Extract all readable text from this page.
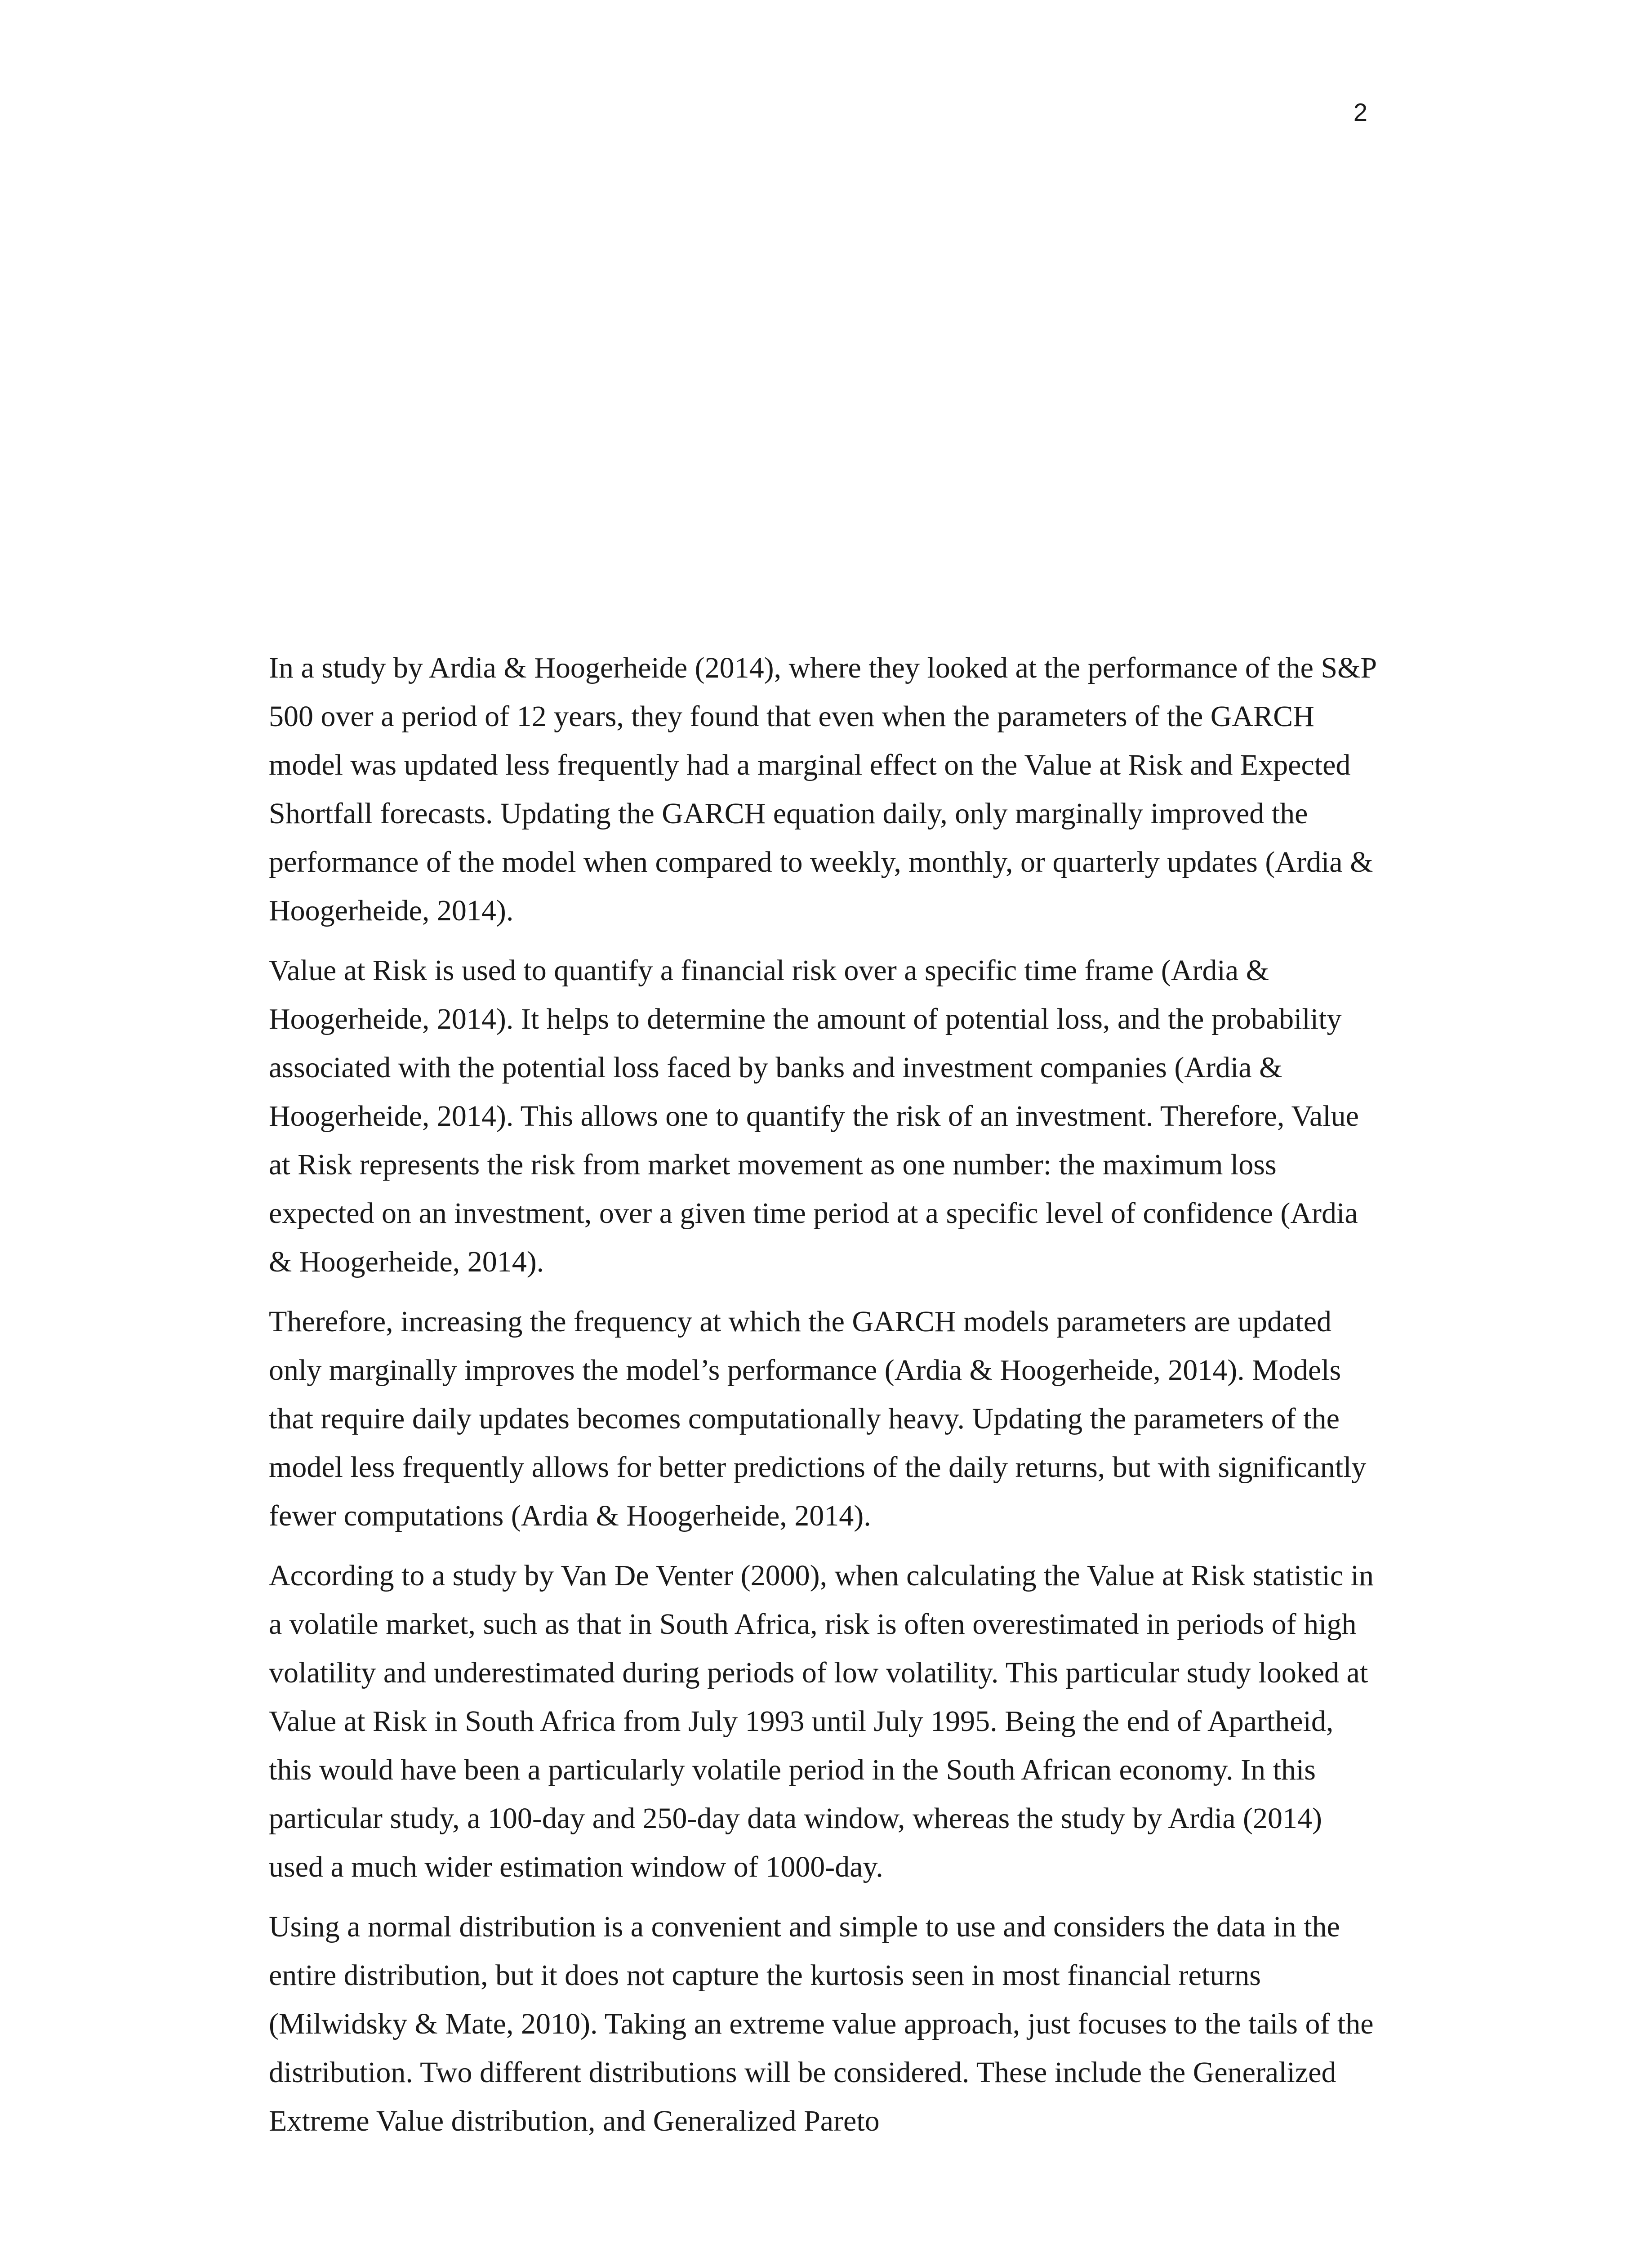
2

In a study by Ardia & Hoogerheide (2014), where they looked at the performance of the S&P 500 over a period of 12 years, they found that even when the parameters of the GARCH model was updated less frequently had a marginal effect on the Value at Risk and Expected Shortfall forecasts. Updating the GARCH equation daily, only marginally improved the performance of the model when compared to weekly, monthly, or quarterly updates (Ardia & Hoogerheide, 2014).

Value at Risk is used to quantify a financial risk over a specific time frame (Ardia & Hoogerheide, 2014). It helps to determine the amount of potential loss, and the probability associated with the potential loss faced by banks and investment companies (Ardia & Hoogerheide, 2014). This allows one to quantify the risk of an investment. Therefore, Value at Risk represents the risk from market movement as one number: the maximum loss expected on an investment, over a given time period at a specific level of confidence (Ardia & Hoogerheide, 2014).

Therefore, increasing the frequency at which the GARCH models parameters are updated only marginally improves the model’s performance (Ardia & Hoogerheide, 2014). Models that require daily updates becomes computationally heavy. Updating the parameters of the model less frequently allows for better predictions of the daily returns, but with significantly fewer computations (Ardia & Hoogerheide, 2014).

According to a study by Van De Venter (2000), when calculating the Value at Risk statistic in a volatile market, such as that in South Africa, risk is often overestimated in periods of high volatility and underestimated during periods of low volatility. This particular study looked at Value at Risk in South Africa from July 1993 until July 1995. Being the end of Apartheid, this would have been a particularly volatile period in the South African economy. In this particular study, a 100-day and 250-day data window, whereas the study by Ardia (2014) used a much wider estimation window of 1000-day.

Using a normal distribution is a convenient and simple to use and considers the data in the entire distribution, but it does not capture the kurtosis seen in most financial returns (Milwidsky & Mate, 2010). Taking an extreme value approach, just focuses to the tails of the distribution. Two different distributions will be considered. These include the Generalized Extreme Value distribution, and Generalized Pareto
